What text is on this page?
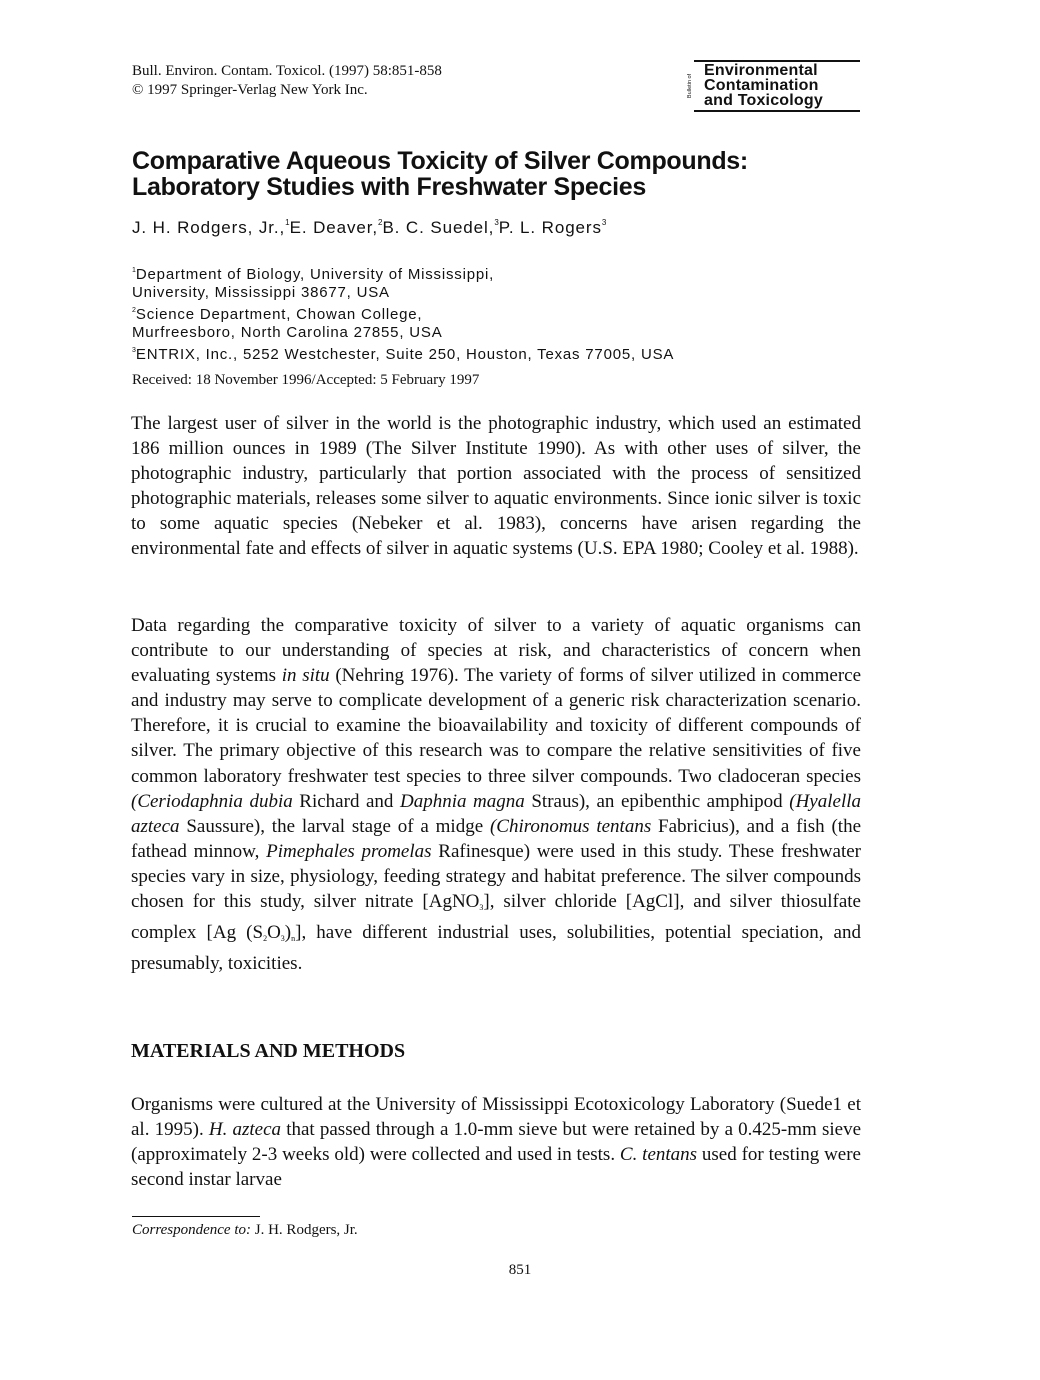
Bull. Environ. Contam. Toxicol. (1997) 58:851-858
© 1997 Springer-Verlag New York Inc.	Bulletin of
Environmental
Contamination
and Toxicology
Comparative Aqueous Toxicity of Silver Compounds:
Laboratory Studies with Freshwater Species
J. H. Rodgers, Jr.,$^1$E. Deaver,$^2$B. C. Suedel,$^3$P. L. Rogers$^3$
$^1$Department of Biology, University of Mississippi,
University, Mississippi 38677, USA
$^2$Science Department, Chowan College,
Murfreesboro, North Carolina 27855, USA
$^3$ENTRIX, Inc., 5252 Westchester, Suite 250, Houston, Texas 77005, USA
Received: 18 November 1996/Accepted: 5 February 1997

The largest user of silver in the world is the photographic industry, which used an estimated 186 million ounces in 1989 (The Silver Institute 1990). As with other uses of silver, the photographic industry, particularly that portion associated with the process of sensitized photographic materials, releases some silver to aquatic environments. Since ionic silver is toxic to some aquatic species (Nebeker et al. 1983), concerns have arisen regarding the environmental fate and effects of silver in aquatic systems (U.S. EPA 1980; Cooley et al. 1988).

Data regarding the comparative toxicity of silver to a variety of aquatic organisms can contribute to our understanding of species at risk, and characteristics of concern when evaluating systems in situ (Nehring 1976). The variety of forms of silver utilized in commerce and industry may serve to complicate development of a generic risk characterization scenario. Therefore, it is crucial to examine the bioavailability and toxicity of different compounds of silver. The primary objective of this research was to compare the relative sensitivities of five common laboratory freshwater test species to three silver compounds. Two cladoceran species (Ceriodaphnia dubia Richard and Daphnia magna Straus), an epibenthic amphipod (Hyalella azteca Saussure), the larval stage of a midge (Chironomus tentans Fabricius), and a fish (the fathead minnow, Pimephales promelas Rafinesque) were used in this study. These freshwater species vary in size, physiology, feeding strategy and habitat preference. The silver compounds chosen for this study, silver nitrate [AgNO$_3$], silver chloride [AgCl], and silver thiosulfate complex [Ag $(S_2O_3)_n$], have different industrial uses, solubilities, potential speciation, and presumably, toxicities.

MATERIALS AND METHODS

Organisms were cultured at the University of Mississippi Ecotoxicology Laboratory (Suede1 et al. 1995). H. azteca that passed through a 1.0-mm sieve but were retained by a 0.425-mm sieve (approximately 2-3 weeks old) were collected and used in tests. C. tentans used for testing were second instar larvae

Correspondence to: J. H. Rodgers, Jr.
851
